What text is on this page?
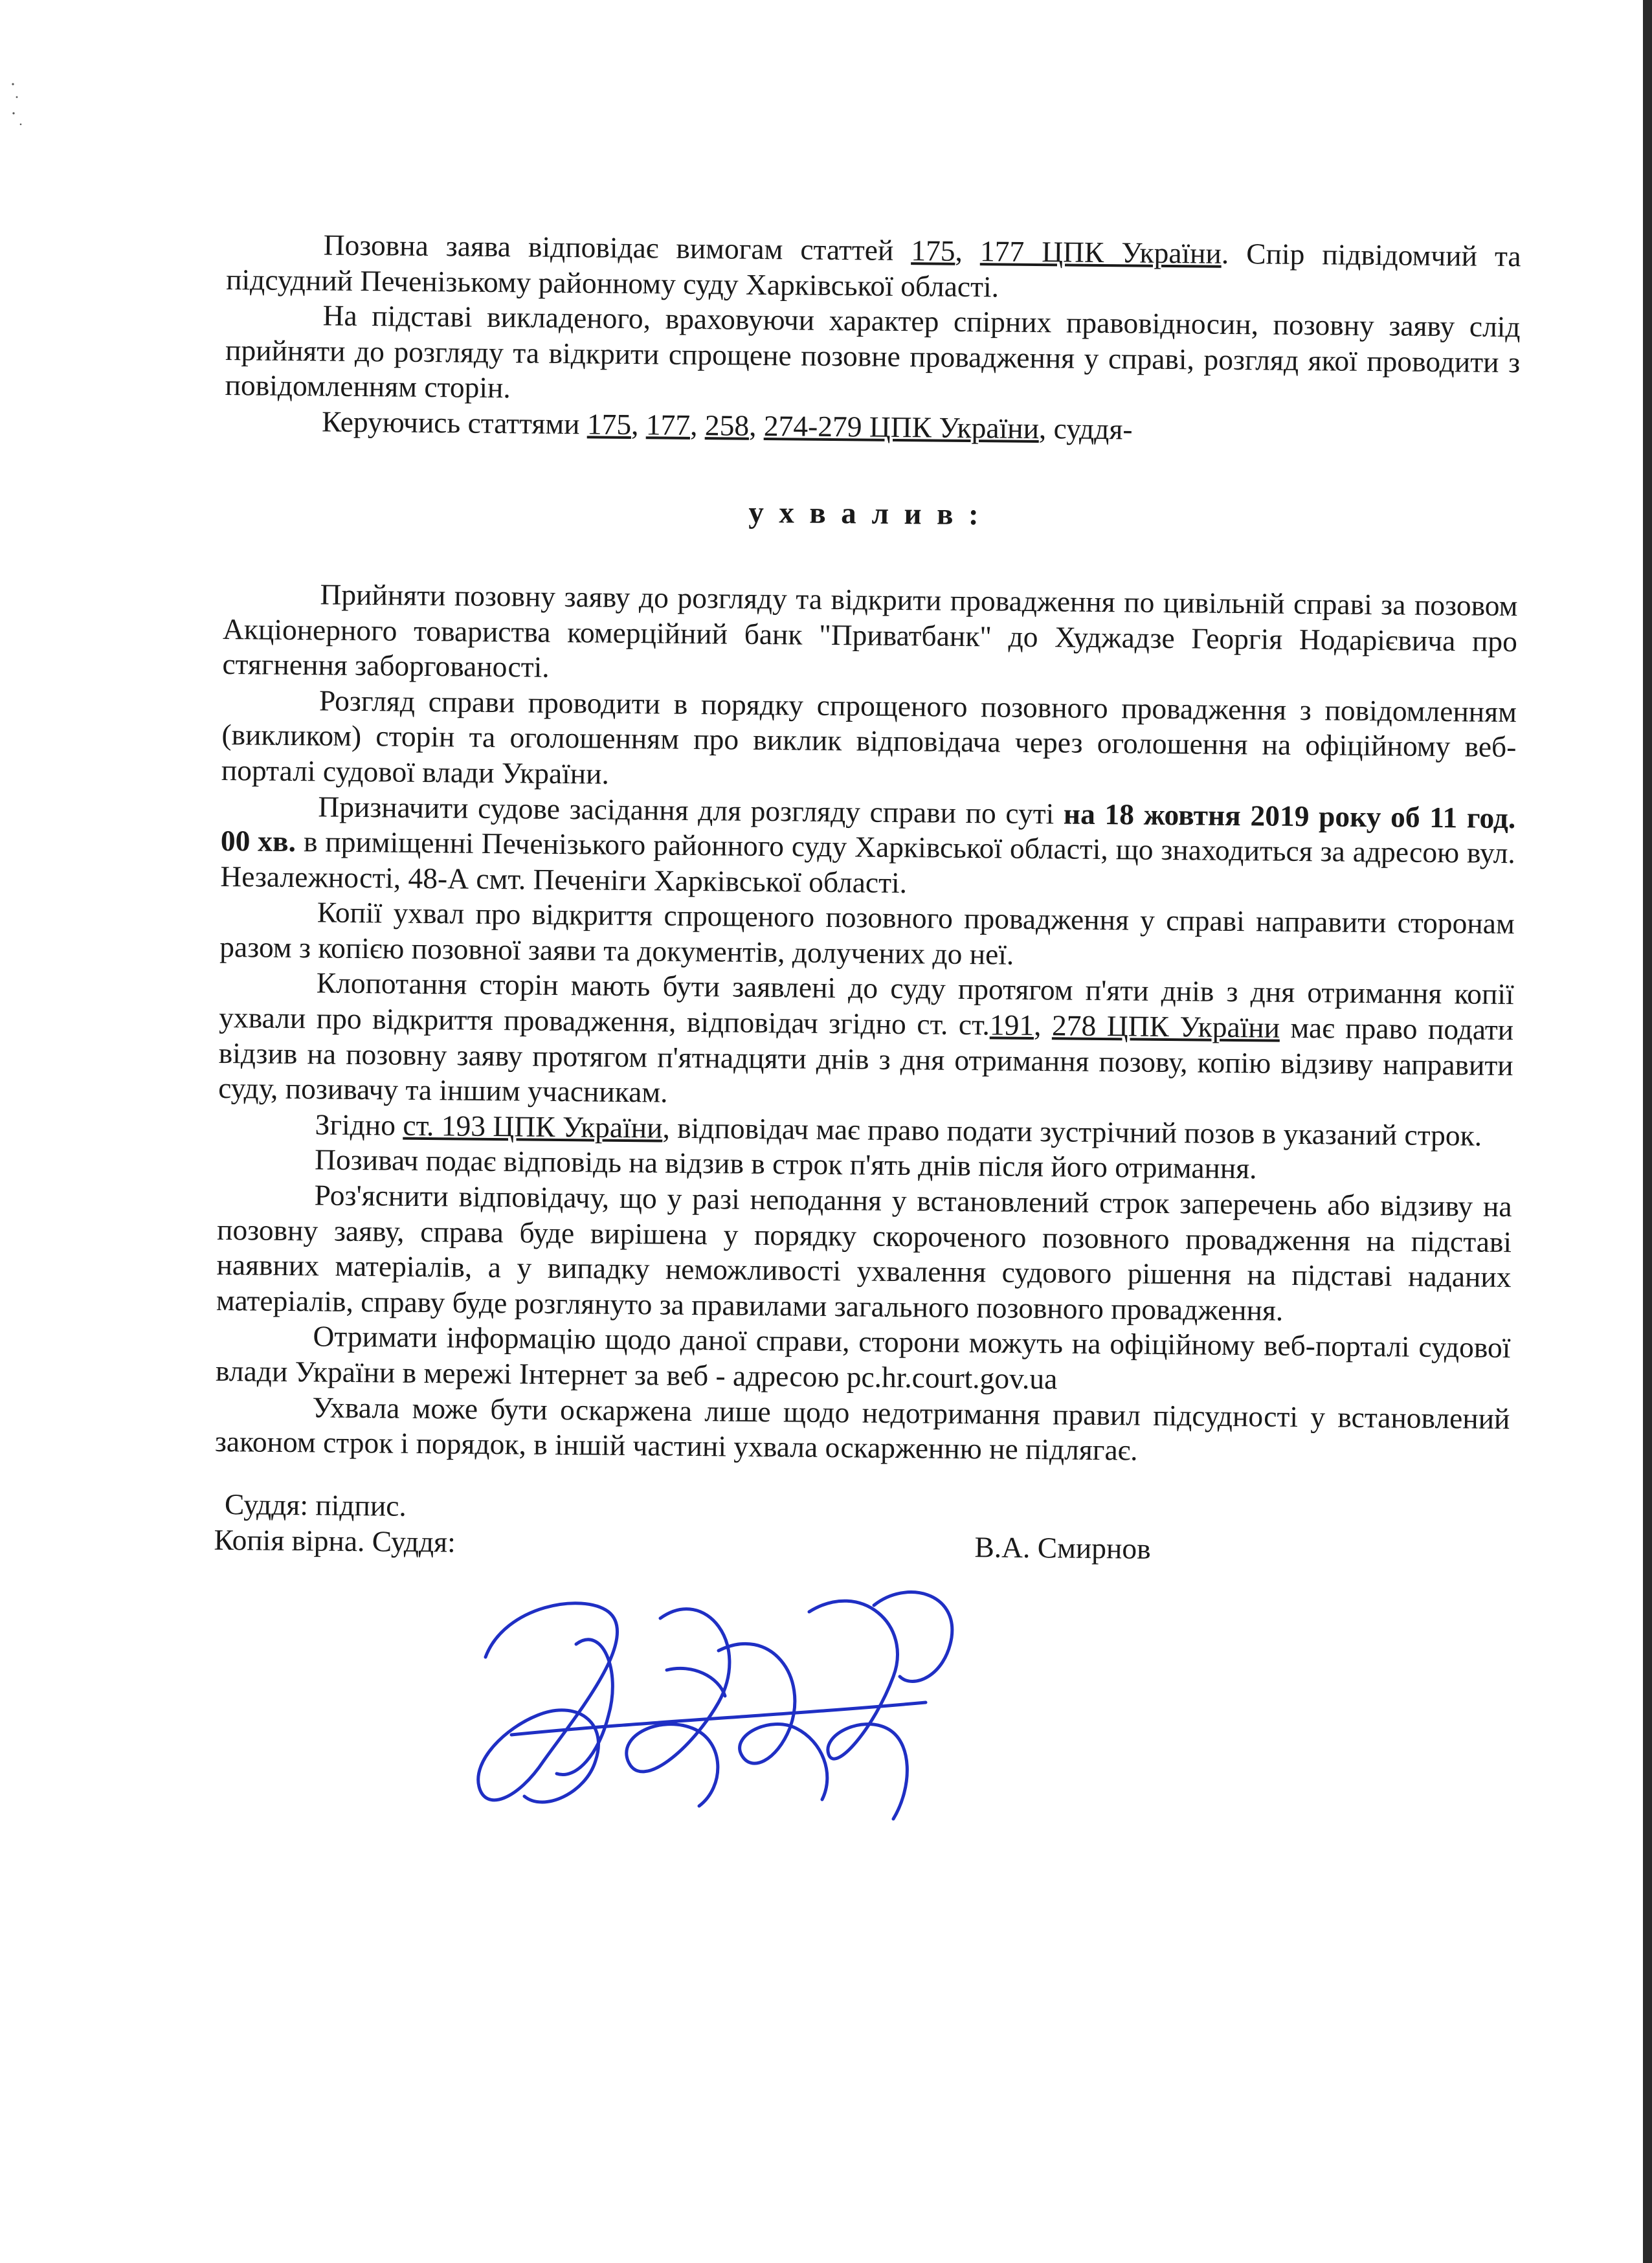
Позовна заява відповідає вимогам статтей 175, 177 ЦПК України. Спір підвідомчий та підсудний Печенізькому районному суду Харківської області.

На підставі викладеного, враховуючи характер спірних правовідносин, позовну заяву слід прийняти до розгляду та відкрити спрощене позовне провадження у справі, розгляд якої проводити з повідомленням сторін.

Керуючись статтями 175, 177, 258, 274-279 ЦПК України, суддя-

ухвалив:

Прийняти позовну заяву до розгляду та відкрити провадження по цивільній справі за позовом Акціонерного товариства комерційний банк "Приватбанк" до Худжадзе Георгія Нодарієвича про стягнення заборгованості.

Розгляд справи проводити в порядку спрощеного позовного провадження з повідомленням (викликом) сторін та оголошенням про виклик відповідача через оголошення на офіційному веб- порталі судової влади України.

Призначити судове засідання для розгляду справи по суті на 18 жовтня 2019 року об 11 год. 00 хв. в приміщенні Печенізького районного суду Харківської області, що знаходиться за адресою вул. Незалежності, 48-А смт. Печеніги Харківської області.

Копії ухвал про відкриття спрощеного позовного провадження у справі направити сторонам разом з копією позовної заяви та документів, долучених до неї.

Клопотання сторін мають бути заявлені до суду протягом п'яти днів з дня отримання копії ухвали про відкриття провадження, відповідач згідно ст. ст.191, 278 ЦПК України має право подати відзив на позовну заяву протягом п'ятнадцяти днів з дня отримання позову, копію відзиву направити суду, позивачу та іншим учасникам.

Згідно ст. 193 ЦПК України, відповідач має право подати зустрічний позов в указаний строк.

Позивач подає відповідь на відзив в строк п'ять днів після його отримання.

Роз'яснити відповідачу, що у разі неподання у встановлений строк заперечень або відзиву на позовну заяву, справа буде вирішена у порядку скороченого позовного провадження на підставі наявних матеріалів, а у випадку неможливості ухвалення судового рішення на підставі наданих матеріалів, справу буде розглянуто за правилами загального позовного провадження.

Отримати інформацію щодо даної справи, сторони можуть на офіційному веб-порталі судової влади України в мережі Інтернет за веб - адресою pc.hr.court.gov.ua

Ухвала може бути оскаржена лише щодо недотримання правил підсудності у встановлений законом строк і порядок, в іншій частині ухвала оскарженню не підлягає.

Суддя: підпис.
Копія вірна. Суддя:	В.А. Смирнов
